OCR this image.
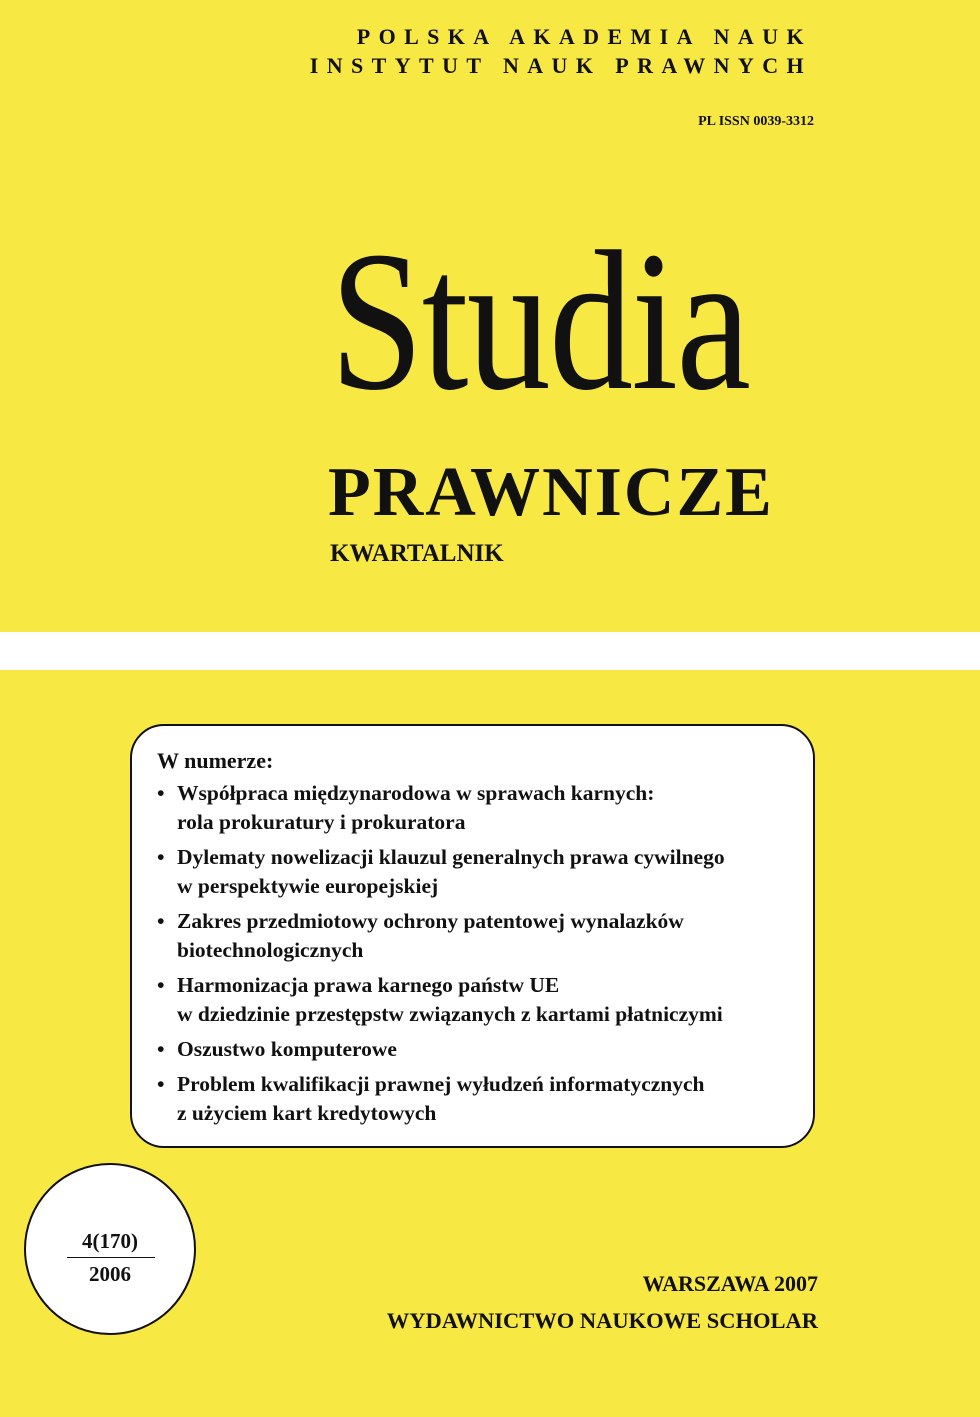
POLSKA AKADEMIA NAUK
INSTYTUT NAUK PRAWNYCH
PL ISSN 0039-3312
Studia
PRAWNICZE
KWARTALNIK
W numerze:
• Współpraca międzynarodowa w sprawach karnych:
rola prokuratury i prokuratora
• Dylematy nowelizacji klauzul generalnych prawa cywilnego
w perspektywie europejskiej
• Zakres przedmiotowy ochrony patentowej wynalazków
biotechnologicznych
• Harmonizacja prawa karnego państw UE
w dziedzinie przestępstw związanych z kartami płatniczymi
• Oszustwo komputerowe
• Problem kwalifikacji prawnej wyłudzeń informatycznych
z użyciem kart kredytowych
4(170)
2006	WARSZAWA 2007
WYDAWNICTWO NAUKOWE SCHOLAR
